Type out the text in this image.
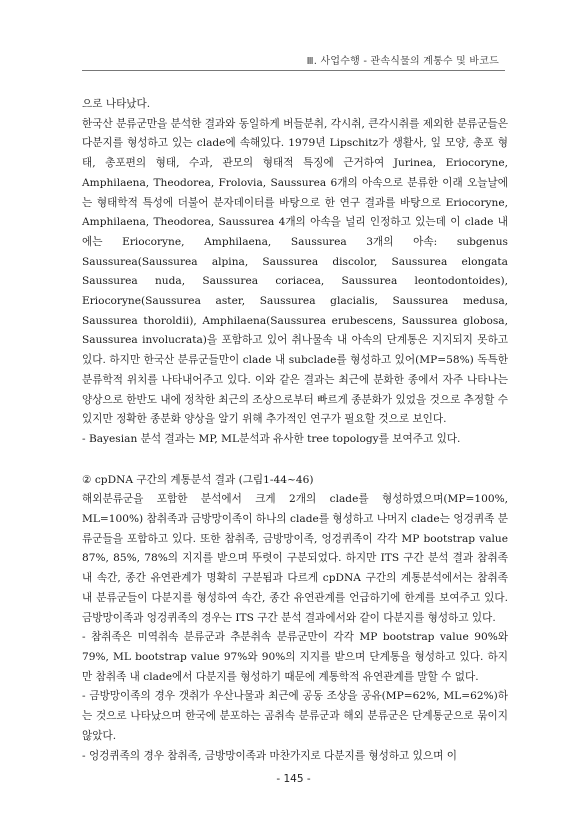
Ⅲ. 사업수행 - 관속식물의 계통수 및 바코드

으로 나타났다.

한국산 분류군만을 분석한 결과와 동일하게 버들분취, 각시취, 큰각시취를 제외한 분류군들은 다분지를 형성하고 있는 clade에 속해있다. 1979년 Lipschitz가 생활사, 잎 모양, 총포 형태, 총포편의 형태, 수과, 관모의 형태적 특징에 근거하여 Jurinea, Eriocoryne, Amphilaena, Theodorea, Frolovia, Saussurea 6개의 아속으로 분류한 이래 오늘날에는 형태학적 특성에 더불어 분자데이터를 바탕으로 한 연구 결과를 바탕으로 Eriocoryne, Amphilaena, Theodorea, Saussurea 4개의 아속을 널리 인정하고 있는데 이 clade 내에는 Eriocoryne, Amphilaena, Saussurea 3개의 아속: subgenus Saussurea(Saussurea alpina, Saussurea discolor, Saussurea elongata Saussurea nuda, Saussurea coriacea, Saussurea leontodontoides), Eriocoryne(Saussurea aster, Saussurea glacialis, Saussurea medusa, Saussurea thoroldii), Amphilaena(Saussurea erubescens, Saussurea globosa, Saussurea involucrata)을 포함하고 있어 취나물속 내 아속의 단계통은 지지되지 못하고 있다. 하지만 한국산 분류군들만이 clade 내 subclade를 형성하고 있어(MP=58%) 독특한 분류학적 위치를 나타내어주고 있다. 이와 같은 결과는 최근에 분화한 종에서 자주 나타나는 양상으로 한반도 내에 정착한 최근의 조상으로부터 빠르게 종분화가 있었을 것으로 추정할 수 있지만 정확한 종분화 양상을 알기 위해 추가적인 연구가 필요할 것으로 보인다.

- Bayesian 분석 결과는 MP, ML분석과 유사한 tree topology를 보여주고 있다.

② cpDNA 구간의 계통분석 결과 (그림1-44~46)

해외분류군을 포함한 분석에서 크게 2개의 clade를 형성하였으며(MP=100%, ML=100%) 참취족과 금방망이족이 하나의 clade를 형성하고 나머지 clade는 엉겅퀴족 분류군들을 포함하고 있다. 또한 참취족, 금방망이족, 엉겅퀴족이 각각 MP bootstrap value 87%, 85%, 78%의 지지를 받으며 뚜렷이 구분되었다. 하지만 ITS 구간 분석 결과 참취족 내 속간, 종간 유연관계가 명확히 구분됨과 다르게 cpDNA 구간의 계통분석에서는 참취족 내 분류군들이 다분지를 형성하여 속간, 종간 유연관계를 언급하기에 한계를 보여주고 있다. 금방망이족과 엉겅퀴족의 경우는 ITS 구간 분석 결과에서와 같이 다분지를 형성하고 있다.

- 참취족은 미역취속 분류군과 추분취속 분류군만이 각각 MP bootstrap value 90%와 79%, ML bootstrap value 97%와 90%의 지지를 받으며 단계통을 형성하고 있다. 하지만 참취족 내 clade에서 다분지를 형성하기 때문에 계통학적 유연관계를 말할 수 없다.

- 금방망이족의 경우 갯취가 우산나물과 최근에 공동 조상을 공유(MP=62%, ML=62%)하는 것으로 나타났으며 한국에 분포하는 곰취속 분류군과 해외 분류군은 단계통군으로 묶이지 않았다.

- 엉겅퀴족의 경우 참취족, 금방망이족과 마찬가지로 다분지를 형성하고 있으며 이

- 145 -
